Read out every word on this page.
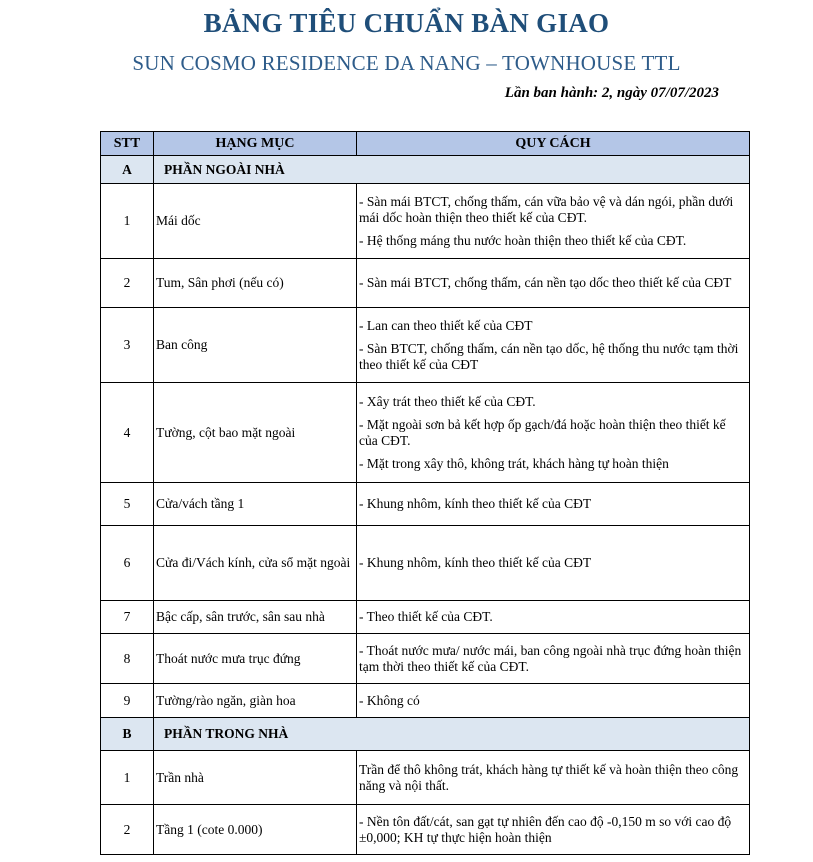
BẢNG TIÊU CHUẨN BÀN GIAO
SUN COSMO RESIDENCE DA NANG – TOWNHOUSE TTL
Lần ban hành: 2, ngày 07/07/2023
STT	HẠNG MỤC	QUY CÁCH
A	PHẦN NGOÀI NHÀ	
1	Mái dốc	- Sàn mái BTCT, chống thấm, cán vữa bảo vệ và dán ngói, phần dưới mái dốc hoàn thiện theo thiết kế của CĐT.

- Hệ thống máng thu nước hoàn thiện theo thiết kế của CĐT.

2	Tum, Sân phơi (nếu có)	- Sàn mái BTCT, chống thấm, cán nền tạo dốc theo thiết kế của CĐT

3	Ban công	- Lan can theo thiết kế của CĐT

- Sàn BTCT, chống thấm, cán nền tạo dốc, hệ thống thu nước tạm thời theo thiết kế của CĐT

4	Tường, cột bao mặt ngoài	- Xây trát theo thiết kế của CĐT.

- Mặt ngoài sơn bả kết hợp ốp gạch/đá hoặc hoàn thiện theo thiết kế của CĐT.

- Mặt trong xây thô, không trát, khách hàng tự hoàn thiện

5	Cửa/vách tầng 1	- Khung nhôm, kính theo thiết kế của CĐT

6	Cửa đi/Vách kính, cửa sổ mặt ngoài	- Khung nhôm, kính theo thiết kế của CĐT

7	Bậc cấp, sân trước, sân sau nhà	- Theo thiết kế của CĐT.

8	Thoát nước mưa trục đứng	- Thoát nước mưa/ nước mái, ban công ngoài nhà trục đứng hoàn thiện tạm thời theo thiết kế của CĐT.

9	Tường/rào ngăn, giàn hoa	- Không có

B	PHẦN TRONG NHÀ	
1	Trần nhà	Trần để thô không trát, khách hàng tự thiết kế và hoàn thiện theo công năng và nội thất.

2	Tầng 1 (cote 0.000)	- Nền tôn đất/cát, san gạt tự nhiên đến cao độ -0,150 m so với cao độ ±0,000; KH tự thực hiện hoàn thiện
